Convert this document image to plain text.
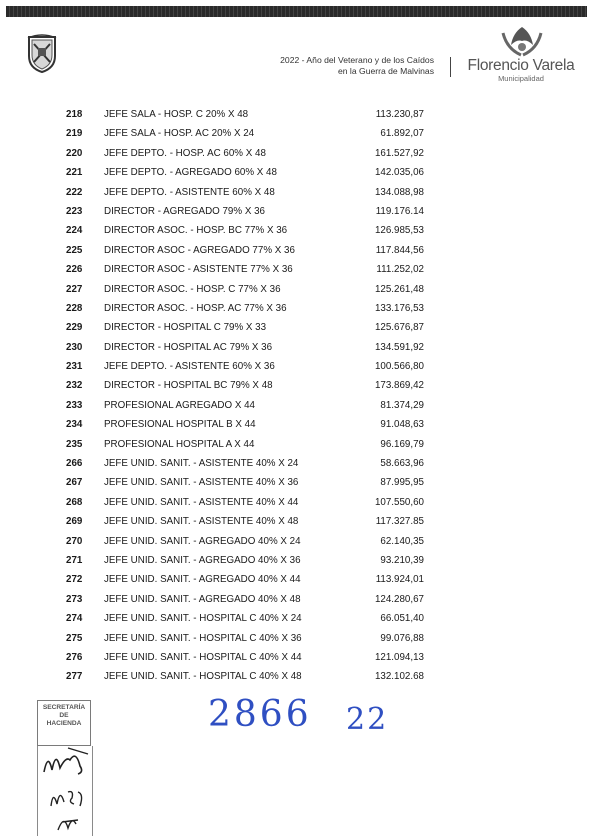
2022 - Año del Veterano y de los Caídos
en la Guerra de Malvinas	Florencio Varela
Municipalidad
218 JEFE SALA - HOSP. C 20% X 48	113.230,87
219 JEFE SALA - HOSP. AC 20% X 24	61.892,07
220 JEFE DEPTO. - HOSP. AC 60% X 48	161.527,92
221 JEFE DEPTO. - AGREGADO 60% X 48	142.035,06
222 JEFE DEPTO. - ASISTENTE 60% X 48	134.088,98
223 DIRECTOR - AGREGADO 79% X 36	119.176.14
224 DIRECTOR ASOC. - HOSP. BC 77% X 36	126.985,53
225 DIRECTOR ASOC - AGREGADO 77% X 36	117.844,56
226 DIRECTOR ASOC - ASISTENTE 77% X 36	111.252,02
227 DIRECTOR ASOC. - HOSP. C 77% X 36	125.261,48
228 DIRECTOR ASOC. - HOSP. AC 77% X 36	133.176,53
229 DIRECTOR - HOSPITAL C 79% X 33	125.676,87
230 DIRECTOR - HOSPITAL AC 79% X 36	134.591,92
231 JEFE DEPTO. - ASISTENTE 60% X 36	100.566,80
232 DIRECTOR - HOSPITAL BC 79% X 48	173.869,42
233 PROFESIONAL AGREGADO X 44	81.374,29
234 PROFESIONAL HOSPITAL B X 44	91.048,63
235 PROFESIONAL HOSPITAL A X 44	96.169,79
266 JEFE UNID. SANIT. - ASISTENTE 40% X 24	58.663,96
267 JEFE UNID. SANIT. - ASISTENTE 40% X 36	87.995,95
268 JEFE UNID. SANIT. - ASISTENTE 40% X 44	107.550,60
269 JEFE UNID. SANIT. - ASISTENTE 40% X 48	117.327.85
270 JEFE UNID. SANIT. - AGREGADO 40% X 24	62.140,35
271 JEFE UNID. SANIT. - AGREGADO 40% X 36	93.210,39
272 JEFE UNID. SANIT. - AGREGADO 40% X 44	113.924,01
273 JEFE UNID. SANIT. - AGREGADO 40% X 48	124.280,67
274 JEFE UNID. SANIT. - HOSPITAL C 40% X 24	66.051,40
275 JEFE UNID. SANIT. - HOSPITAL C 40% X 36	99.076,88
276 JEFE UNID. SANIT. - HOSPITAL C 40% X 44	121.094,13
277 JEFE UNID. SANIT. - HOSPITAL C 40% X 48	132.102.68
SECRETARÍA
DE
HACIENDA	2866 22
